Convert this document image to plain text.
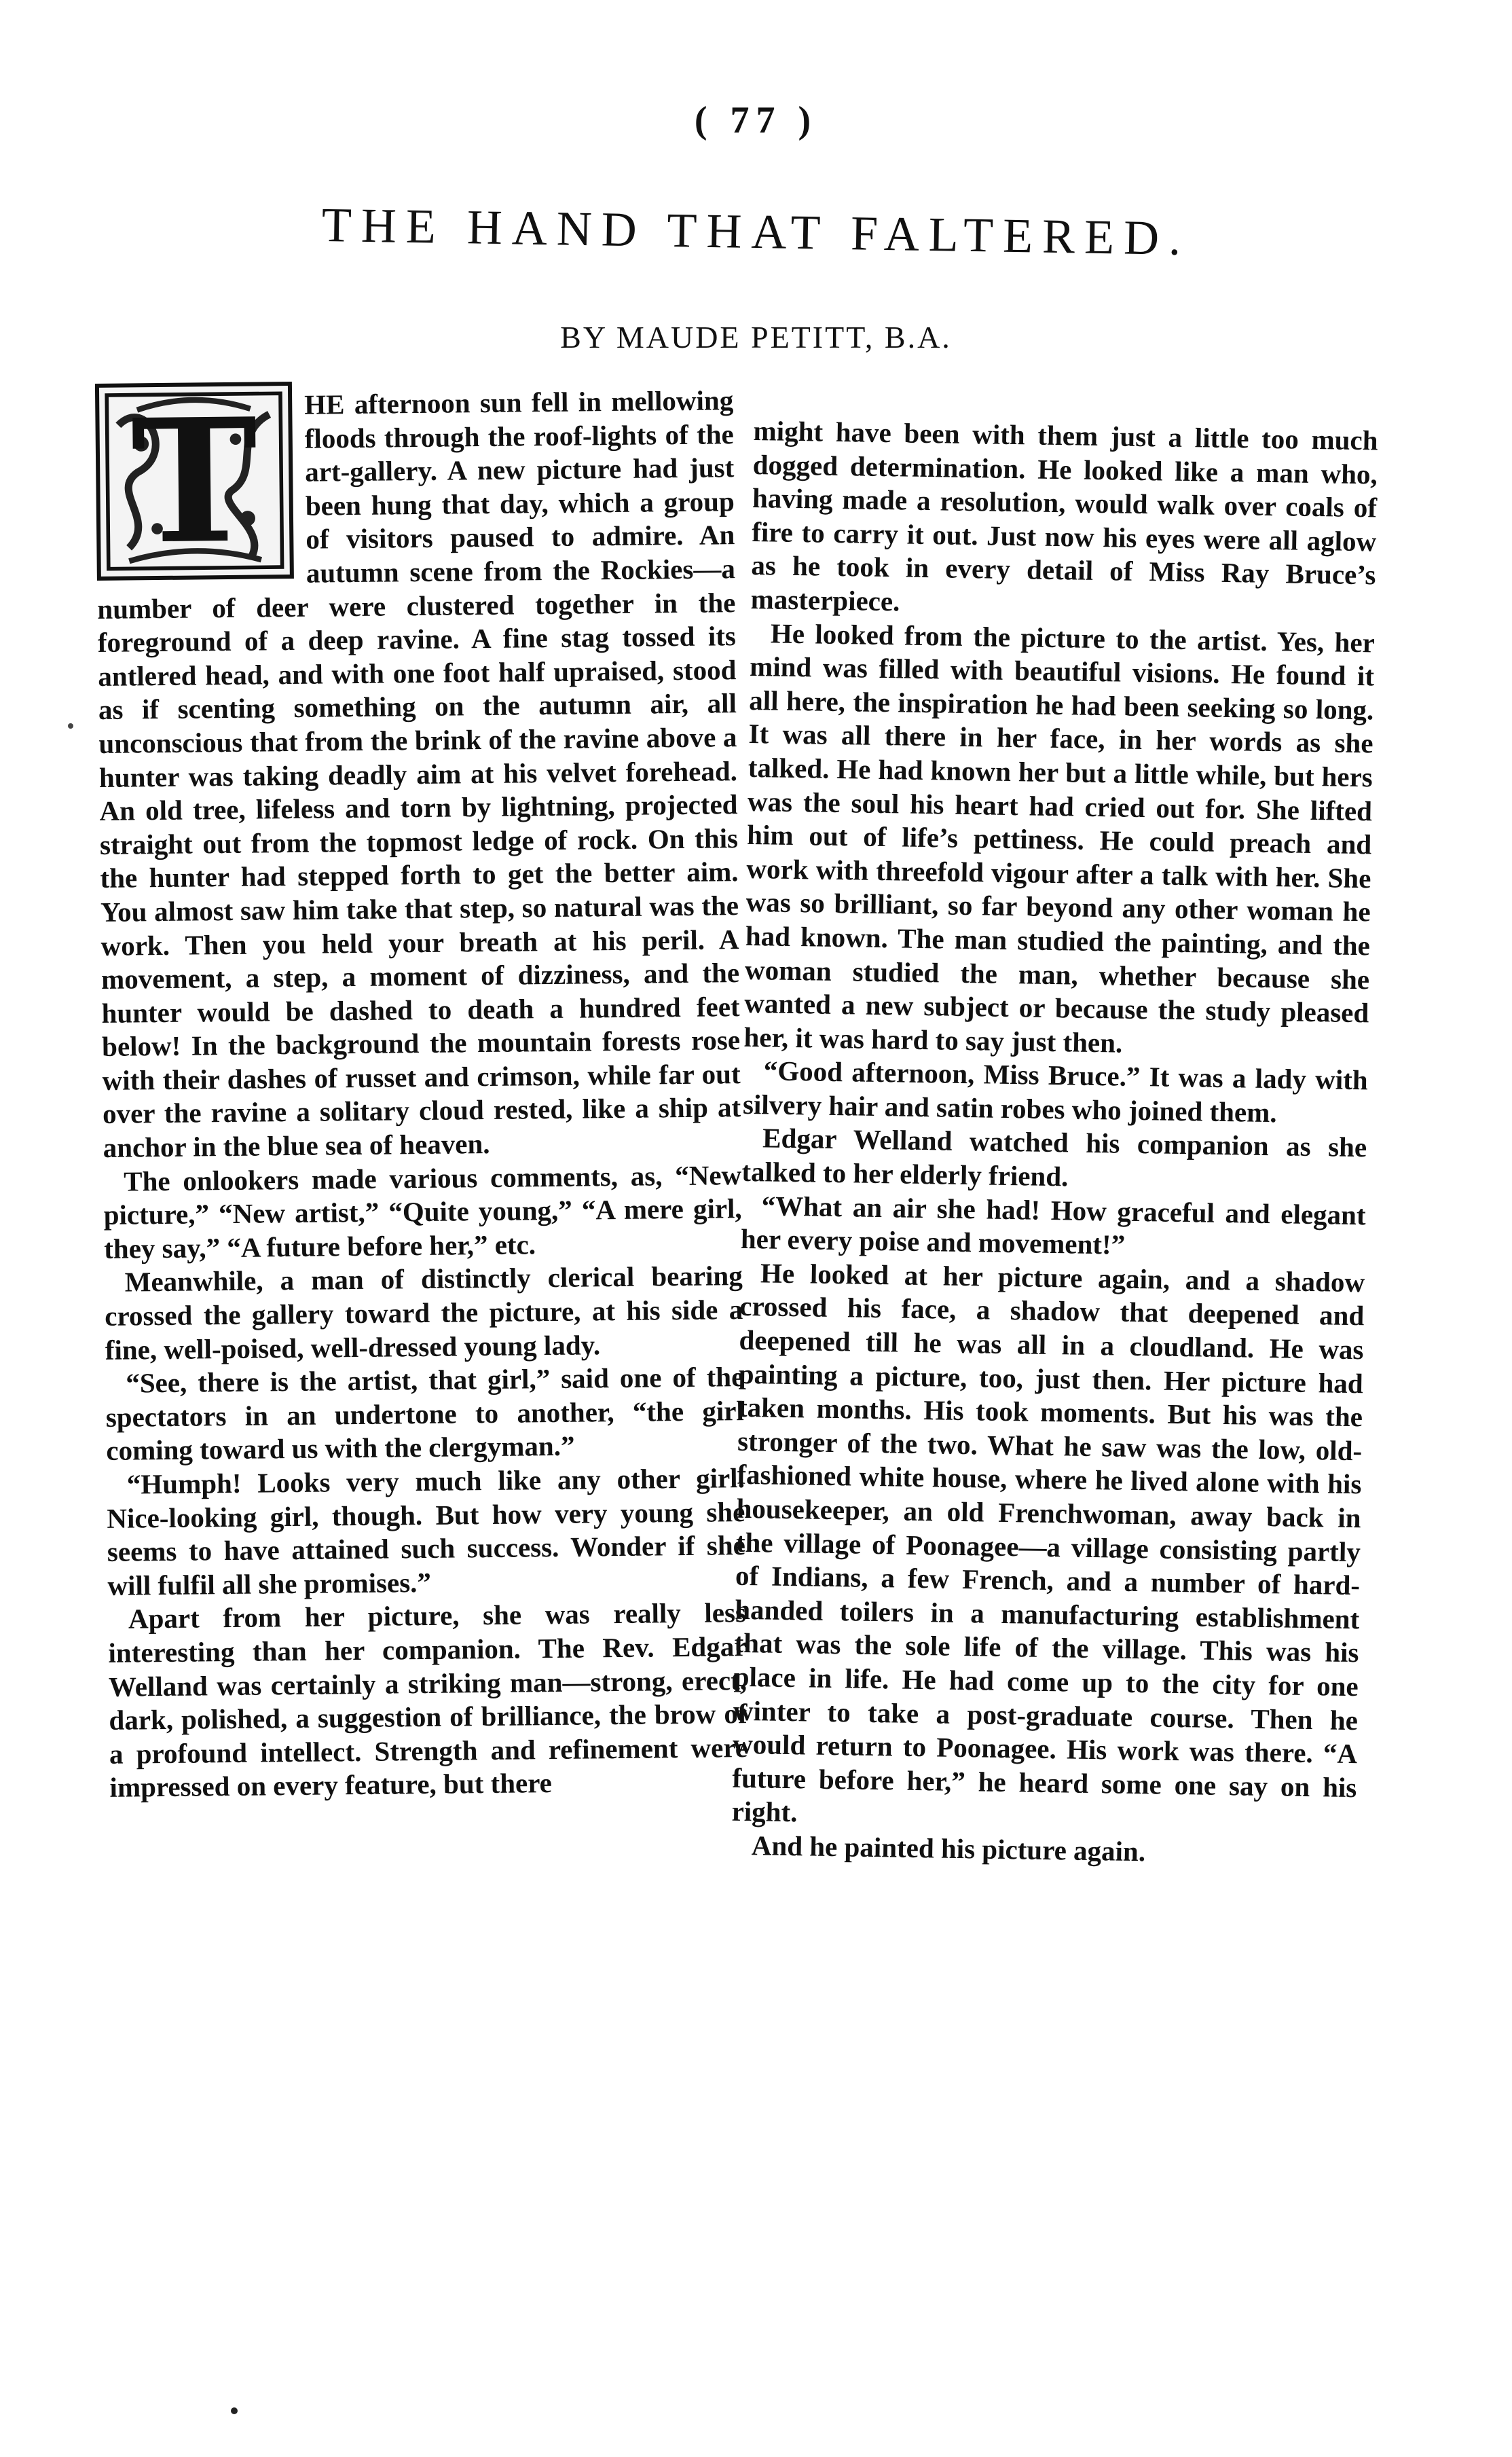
( 77 )
THE HAND THAT FALTERED.
BY MAUDE PETITT, B.A.
T	HE afternoon sun fell in mellowing floods through the roof-lights of the art-gallery. A new picture had just been hung that day, which a group of visitors paused to admire. An autumn scene from the Rockies—a number of deer were clustered together in the foreground of a deep ravine. A fine stag tossed its antlered head, and with one foot half upraised, stood as if scenting something on the autumn air, all unconscious that from the brink of the ravine above a hunter was taking deadly aim at his velvet forehead. An old tree, lifeless and torn by lightning, projected straight out from the topmost ledge of rock. On this the hunter had stepped forth to get the better aim. You almost saw him take that step, so natural was the work. Then you held your breath at his peril. A movement, a step, a moment of dizziness, and the hunter would be dashed to death a hundred feet below! In the background the mountain forests rose with their dashes of russet and crimson, while far out over the ravine a solitary cloud rested, like a ship at anchor in the blue sea of heaven.

The onlookers made various comments, as, “New picture,” “New artist,” “Quite young,” “A mere girl, they say,” “A future before her,” etc.

Meanwhile, a man of distinctly clerical bearing crossed the gallery toward the picture, at his side a fine, well-poised, well-dressed young lady.

“See, there is the artist, that girl,” said one of the spectators in an undertone to another, “the girl coming toward us with the clergyman.”

“Humph! Looks very much like any other girl. Nice-looking girl, though. But how very young she seems to have attained such success. Wonder if she will fulfil all she promises.”

Apart from her picture, she was really less interesting than her companion. The Rev. Edgar Welland was certainly a striking man—strong, erect, dark, polished, a suggestion of brilliance, the brow of a profound intellect. Strength and refinement were impressed on every feature, but there

might have been with them just a little too much dogged determination. He looked like a man who, having made a resolution, would walk over coals of fire to carry it out. Just now his eyes were all aglow as he took in every detail of Miss Ray Bruce’s masterpiece.

He looked from the picture to the artist. Yes, her mind was filled with beautiful visions. He found it all here, the inspiration he had been seeking so long. It was all there in her face, in her words as she talked. He had known her but a little while, but hers was the soul his heart had cried out for. She lifted him out of life’s pettiness. He could preach and work with threefold vigour after a talk with her. She was so brilliant, so far beyond any other woman he had known. The man studied the painting, and the woman studied the man, whether because she wanted a new subject or because the study pleased her, it was hard to say just then.

“Good afternoon, Miss Bruce.” It was a lady with silvery hair and satin robes who joined them.

Edgar Welland watched his companion as she talked to her elderly friend.

“What an air she had! How graceful and elegant her every poise and movement!”

He looked at her picture again, and a shadow crossed his face, a shadow that deepened and deepened till he was all in a cloudland. He was painting a picture, too, just then. Her picture had taken months. His took moments. But his was the stronger of the two. What he saw was the low, old-fashioned white house, where he lived alone with his housekeeper, an old Frenchwoman, away back in the village of Poonagee—a village consisting partly of Indians, a few French, and a number of hard-handed toilers in a manufacturing establishment that was the sole life of the village. This was his place in life. He had come up to the city for one winter to take a post-graduate course. Then he would return to Poonagee. His work was there. “A future before her,” he heard some one say on his right.

And he painted his picture again.
